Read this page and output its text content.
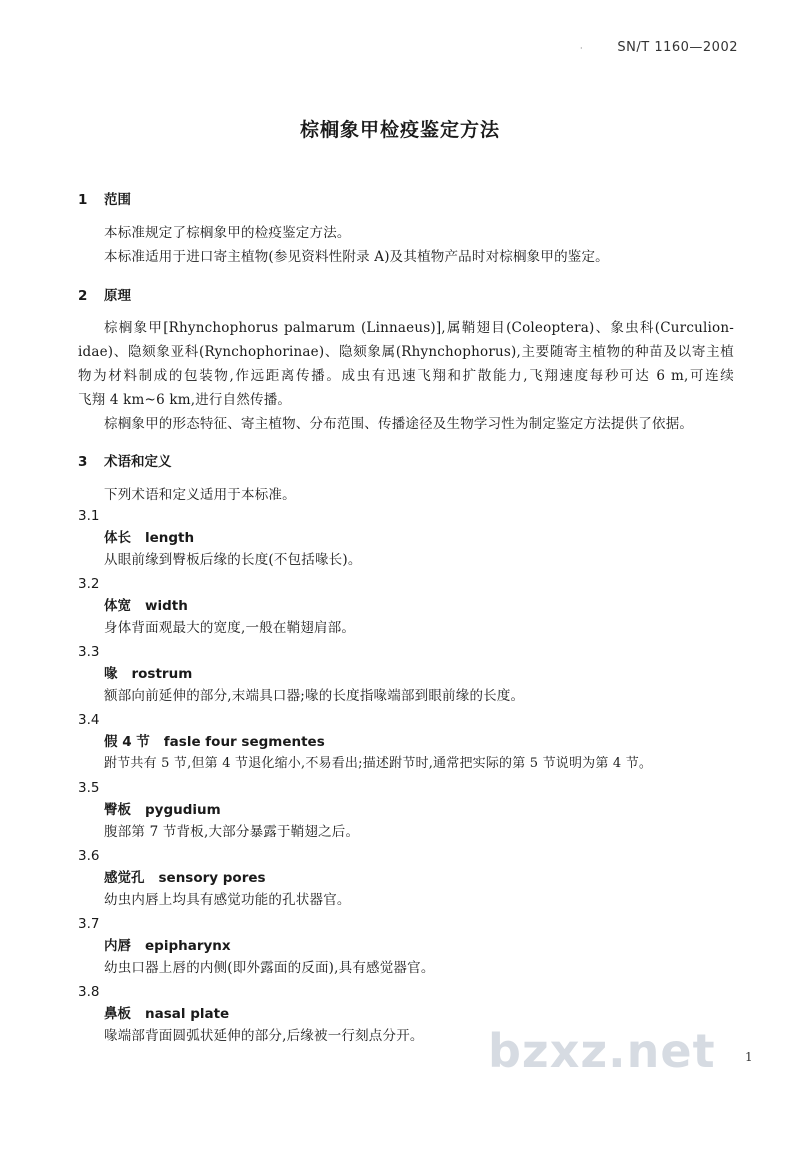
·	SN/T 1160—2002
棕榈象甲检疫鉴定方法
1 范围
本标准规定了棕榈象甲的检疫鉴定方法。
本标准适用于进口寄主植物(参见资料性附录 A)及其植物产品时对棕榈象甲的鉴定。
2 原理
棕榈象甲[Rhynchophorus palmarum (Linnaeus)],属鞘翅目(Coleoptera)、象虫科(Curculion-
idae)、隐颏象亚科(Rynchophorinae)、隐颏象属(Rhynchophorus),主要随寄主植物的种苗及以寄主植
物为材料制成的包装物,作远距离传播。成虫有迅速飞翔和扩散能力,飞翔速度每秒可达 6 m,可连续
飞翔 4 km~6 km,进行自然传播。
棕榈象甲的形态特征、寄主植物、分布范围、传播途径及生物学习性为制定鉴定方法提供了依据。
3 术语和定义
下列术语和定义适用于本标准。
3.1
体长 length
从眼前缘到臀板后缘的长度(不包括喙长)。
3.2
体宽 width
身体背面观最大的宽度,一般在鞘翅肩部。
3.3
喙 rostrum
额部向前延伸的部分,末端具口器;喙的长度指喙端部到眼前缘的长度。
3.4
假 4 节 fasle four segmentes
跗节共有 5 节,但第 4 节退化缩小,不易看出;描述跗节时,通常把实际的第 5 节说明为第 4 节。
3.5
臀板 pygudium
腹部第 7 节背板,大部分暴露于鞘翅之后。
3.6
感觉孔 sensory pores
幼虫内唇上均具有感觉功能的孔状器官。
3.7
内唇 epipharynx
幼虫口器上唇的内侧(即外露面的反面),具有感觉器官。
3.8
鼻板 nasal plate
喙端部背面圆弧状延伸的部分,后缘被一行刻点分开。 bzxz.net 1
